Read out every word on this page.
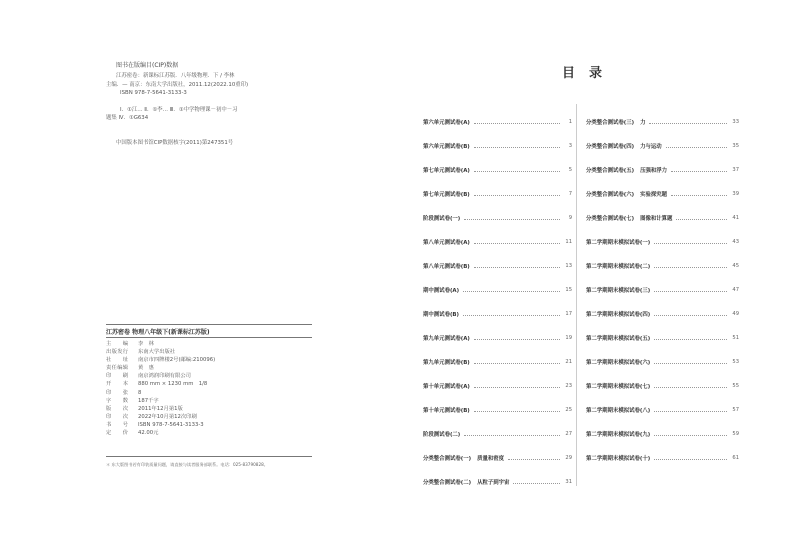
图书在版编目(CIP)数据
江苏密卷：新课标江苏版．八年级物理．下 / 李林
主编．— 南京：东南大学出版社，2011.12(2022.10重印)
ISBN 978-7-5641-3133-3
Ⅰ．①江… Ⅱ．①李… Ⅲ．①中学物理课－初中－习
题集 Ⅳ．①G634
中国版本图书馆CIP数据核字(2011)第247351号
江苏密卷 物理八年级下(新课标江苏版)
主　　编	李　林
出版发行	东南大学出版社
社　　址	南京市四牌楼2号(邮编:210096)
责任编辑	黄　惠
印　　刷	南京鸿润印刷有限公司
开　　本	880 mm × 1230 mm　1/8
印　　张	8
字　　数	187千字
版　　次	2011年12月第1版
印　　次	2022年10月第12次印刷
书　　号	ISBN 978-7-5641-3133-3
定　　价	42.00元
＊ 东大版图书若有印装质量问题，请直接与读者服务部联系。电话：025-83790828。
目录
第六单元测试卷(A)	1
第六单元测试卷(B)	3
第七单元测试卷(A)	5
第七单元测试卷(B)	7
阶段测试卷(一)	9
第八单元测试卷(A)	11
第八单元测试卷(B)	13
期中测试卷(A)	15
期中测试卷(B)	17
第九单元测试卷(A)	19
第九单元测试卷(B)	21
第十单元测试卷(A)	23
第十单元测试卷(B)	25
阶段测试卷(二)	27
分类整合测试卷(一) 质量和密度	29
分类整合测试卷(二) 从粒子到宇宙	31
分类整合测试卷(三) 力	33
分类整合测试卷(四) 力与运动	35
分类整合测试卷(五) 压强和浮力	37
分类整合测试卷(六) 实验探究题	39
分类整合测试卷(七) 图像和计算题	41
第二学期期末模拟试卷(一)	43
第二学期期末模拟试卷(二)	45
第二学期期末模拟试卷(三)	47
第二学期期末模拟试卷(四)	49
第二学期期末模拟试卷(五)	51
第二学期期末模拟试卷(六)	53
第二学期期末模拟试卷(七)	55
第二学期期末模拟试卷(八)	57
第二学期期末模拟试卷(九)	59
第二学期期末模拟试卷(十)	61
